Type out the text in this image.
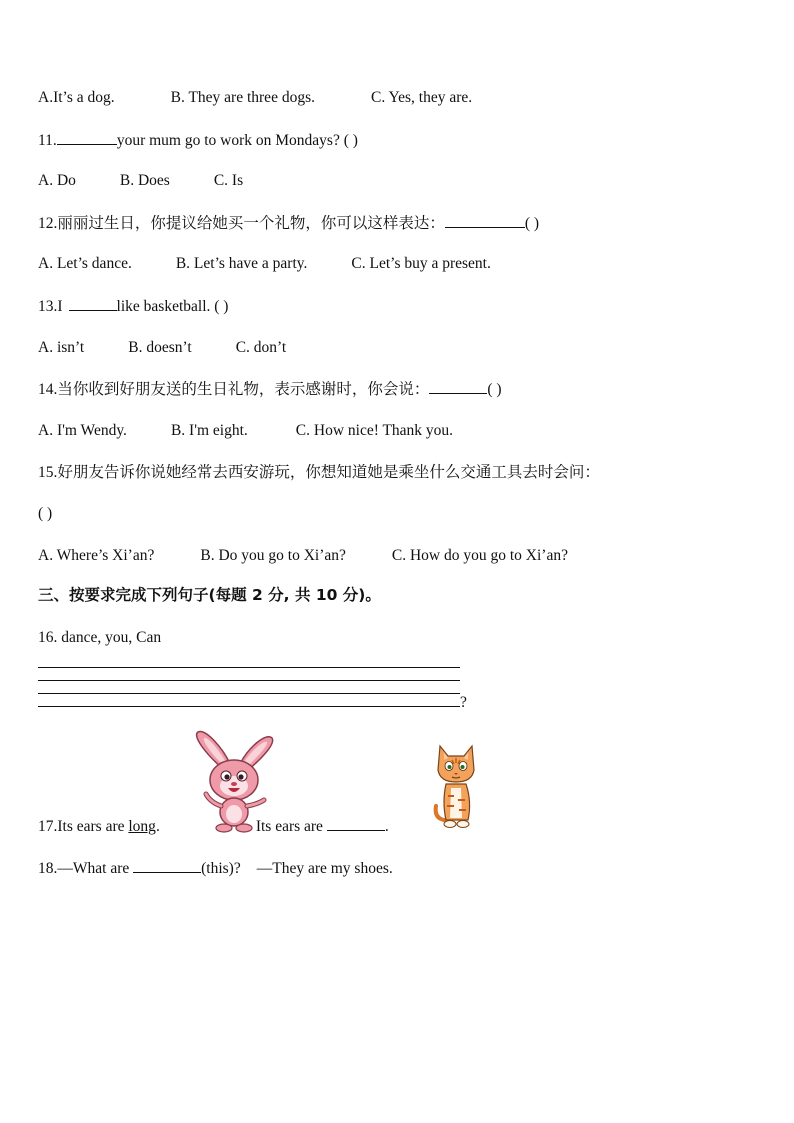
A.It’s a dog.	B. They are three dogs.	C. Yes, they are.
11.	your mum go to work on Mondays? ( )
A. Do	B. Does	C. Is
12.丽丽过生日，你提议给她买一个礼物，你可以这样表达：	( )
A. Let’s dance.	B. Let’s have a party.	C. Let’s buy a present.
13.I	like basketball. ( )
A. isn’t	B. doesn’t	C. don’t
14.当你收到好朋友送的生日礼物，表示感谢时，你会说：	( )
A. I'm Wendy.	B. I'm eight.	C. How nice! Thank you.
15.好朋友告诉你说她经常去西安游玩，你想知道她是乘坐什么交通工具去时会问：
( )
A. Where’s Xi’an?	B. Do you go to Xi’an?	C. How do you go to Xi’an?
三、按要求完成下列句子(每题 2 分, 共 10 分)。
16. dance, you, Can
?
17.Its ears are long.	Its ears are	.
18.—What are	(this)? —They are my shoes.
